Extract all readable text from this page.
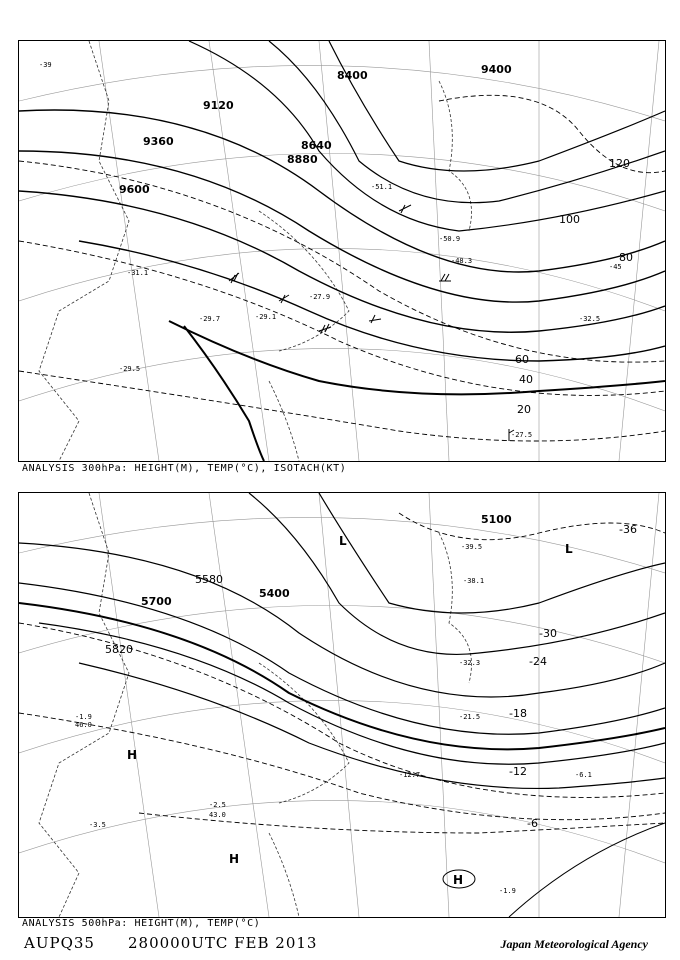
9120
9360
9600
8400
8640
8880
9400
20
40
60
80
100
120
-27.5
-29.7
-29.5
-31.1
-29.1
-27.9
-32.5
-51.1
-50.9
-48.3
-45
-39
ANALYSIS 300hPa: HEIGHT(M), TEMP(°C), ISOTACH(KT)
5700
5580
5820
5100
5400
-36
-30
-24
-18
-12
-6
H
H
H
L
L
-1.9
46.0
-3.5
-2.5
43.0
-12.7	-6.1
-39.5
-38.1
-32.3
-21.5
-1.9
ANALYSIS 500hPa: HEIGHT(M), TEMP(°C)
AUPQ35 280000UTC FEB 2013	Japan Meteorological Agency
